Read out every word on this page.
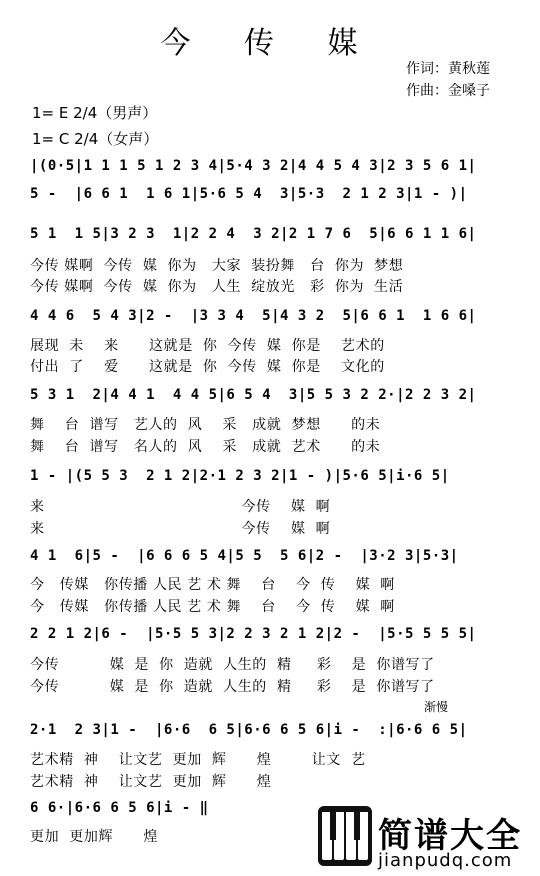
今 传 媒
作词：黄秋莲
作曲：金嗓子
1= E 2/4（男声）
1= C 2/4（女声）
|(0·5|1 1 1 5 1 2 3 4|5·4 3 2|4 4 5 4 3|2 3 5 6 1|
5 -  |6 6 1  1 6 1|5·6 5 4  3|5·3  2 1 2 3|1 - )|
5 1  1 5|3 2 3  1|2 2 4  3 2|2 1 7 6  5|6 6 1 1 6|
今传 媒啊  今传  媒  你为   大家  装扮舞   台  你为  梦想
今传 媒啊  今传  媒  你为   人生  绽放光   彩  你为  生活
4 4 6  5 4 3|2 -  |3 3 4  5|4 3 2  5|6 6 1  1 6 6|
展现  未    来      这就是  你  今传  媒  你是    艺术的
付出  了    爱      这就是  你  今传  媒  你是    文化的
5 3 1  2|4 4 1  4 4 5|6 5 4  3|5 5 3 2 2·|2 2 3 2|
舞    台  谱写   艺人的  风    采   成就  梦想      的未
舞    台  谱写   名人的  风    采   成就  艺术      的未
1 - |(5 5 3  2 1 2|2·1 2 3 2|1 - )|5·6 5|i·6 5|
来                                       今传    媒  啊
来                                       今传    媒  啊
4 1  6|5 -  |6 6 6 5 4|5 5  5 6|2 -  |3·2 3|5·3|
今   传媒   你传播 人民 艺 术 舞    台    今  传    媒  啊
今   传媒   你传播 人民 艺 术 舞    台    今  传    媒  啊
2 2 1 2|6 -  |5·5 5 3|2 2 3 2 1 2|2 -  |5·5 5 5 5|
今传          媒  是  你  造就  人生的  精     彩    是  你谱写了
今传          媒  是  你  造就  人生的  精     彩    是  你谱写了
渐慢
2·1  2 3|1 -  |6·6  6 5|6·6 6 5 6|i -  :|6·6 6 5|
艺术精  神    让文艺  更加  辉      煌        让文  艺
艺术精  神    让文艺  更加  辉      煌
6 6·|6·6 6 5 6|i - ‖
更加  更加辉      煌	简谱大全
jianpudq.com
